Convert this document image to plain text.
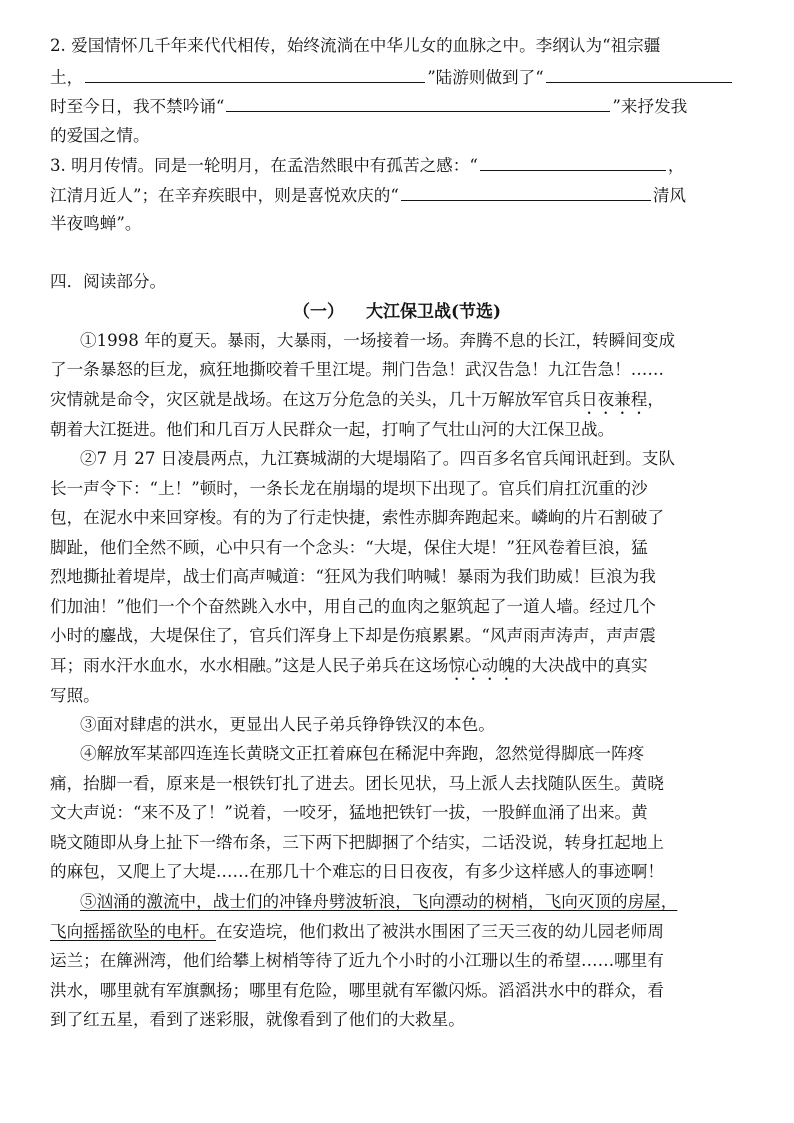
2. 爱国情怀几千年来代代相传，始终流淌在中华儿女的血脉之中。李纲认为“祖宗疆
土，	”陆游则做到了“
时至今日，我不禁吟诵“	”来抒发我
的爱国之情。
3. 明月传情。同是一轮明月，在孟浩然眼中有孤苦之感：“	，
江清月近人”；在辛弃疾眼中，则是喜悦欢庆的“	清风
半夜鸣蝉”。
四．阅读部分。
（一） 大江保卫战(节选)
①1998 年的夏天。暴雨，大暴雨，一场接着一场。奔腾不息的长江，转瞬间变成
了一条暴怒的巨龙，疯狂地撕咬着千里江堤。荆门告急！武汉告急！九江告急！……
灾情就是命令，灾区就是战场。在这万分危急的关头，几十万解放军官兵日夜兼程，
朝着大江挺进。他们和几百万人民群众一起，打响了气壮山河的大江保卫战。
②7 月 27 日凌晨两点，九江赛城湖的大堤塌陷了。四百多名官兵闻讯赶到。支队
长一声令下：“上！”顿时，一条长龙在崩塌的堤坝下出现了。官兵们肩扛沉重的沙
包，在泥水中来回穿梭。有的为了行走快捷，索性赤脚奔跑起来。嶙峋的片石割破了
脚趾，他们全然不顾，心中只有一个念头：“大堤，保住大堤！”狂风卷着巨浪，猛
烈地撕扯着堤岸，战士们高声喊道：“狂风为我们呐喊！暴雨为我们助威！巨浪为我
们加油！”他们一个个奋然跳入水中，用自己的血肉之躯筑起了一道人墙。经过几个
小时的鏖战，大堤保住了，官兵们浑身上下却是伤痕累累。“风声雨声涛声，声声震
耳；雨水汗水血水，水水相融。”这是人民子弟兵在这场惊心动魄的大决战中的真实
写照。
③面对肆虐的洪水，更显出人民子弟兵铮铮铁汉的本色。
④解放军某部四连连长黄晓文正扛着麻包在稀泥中奔跑，忽然觉得脚底一阵疼
痛，抬脚一看，原来是一根铁钉扎了进去。团长见状，马上派人去找随队医生。黄晓
文大声说：“来不及了！”说着，一咬牙，猛地把铁钉一拔，一股鲜血涌了出来。黄
晓文随即从身上扯下一绺布条，三下两下把脚捆了个结实，二话没说，转身扛起地上
的麻包，又爬上了大堤……在那几十个难忘的日日夜夜，有多少这样感人的事迹啊！
⑤汹涌的激流中，战士们的冲锋舟劈波斩浪，飞向漂动的树梢，飞向灭顶的房屋，
飞向摇摇欲坠的电杆。在安造垸，他们救出了被洪水围困了三天三夜的幼儿园老师周
运兰；在簰洲湾，他们给攀上树梢等待了近九个小时的小江珊以生的希望……哪里有
洪水，哪里就有军旗飘扬；哪里有危险，哪里就有军徽闪烁。滔滔洪水中的群众，看
到了红五星，看到了迷彩服，就像看到了他们的大救星。
